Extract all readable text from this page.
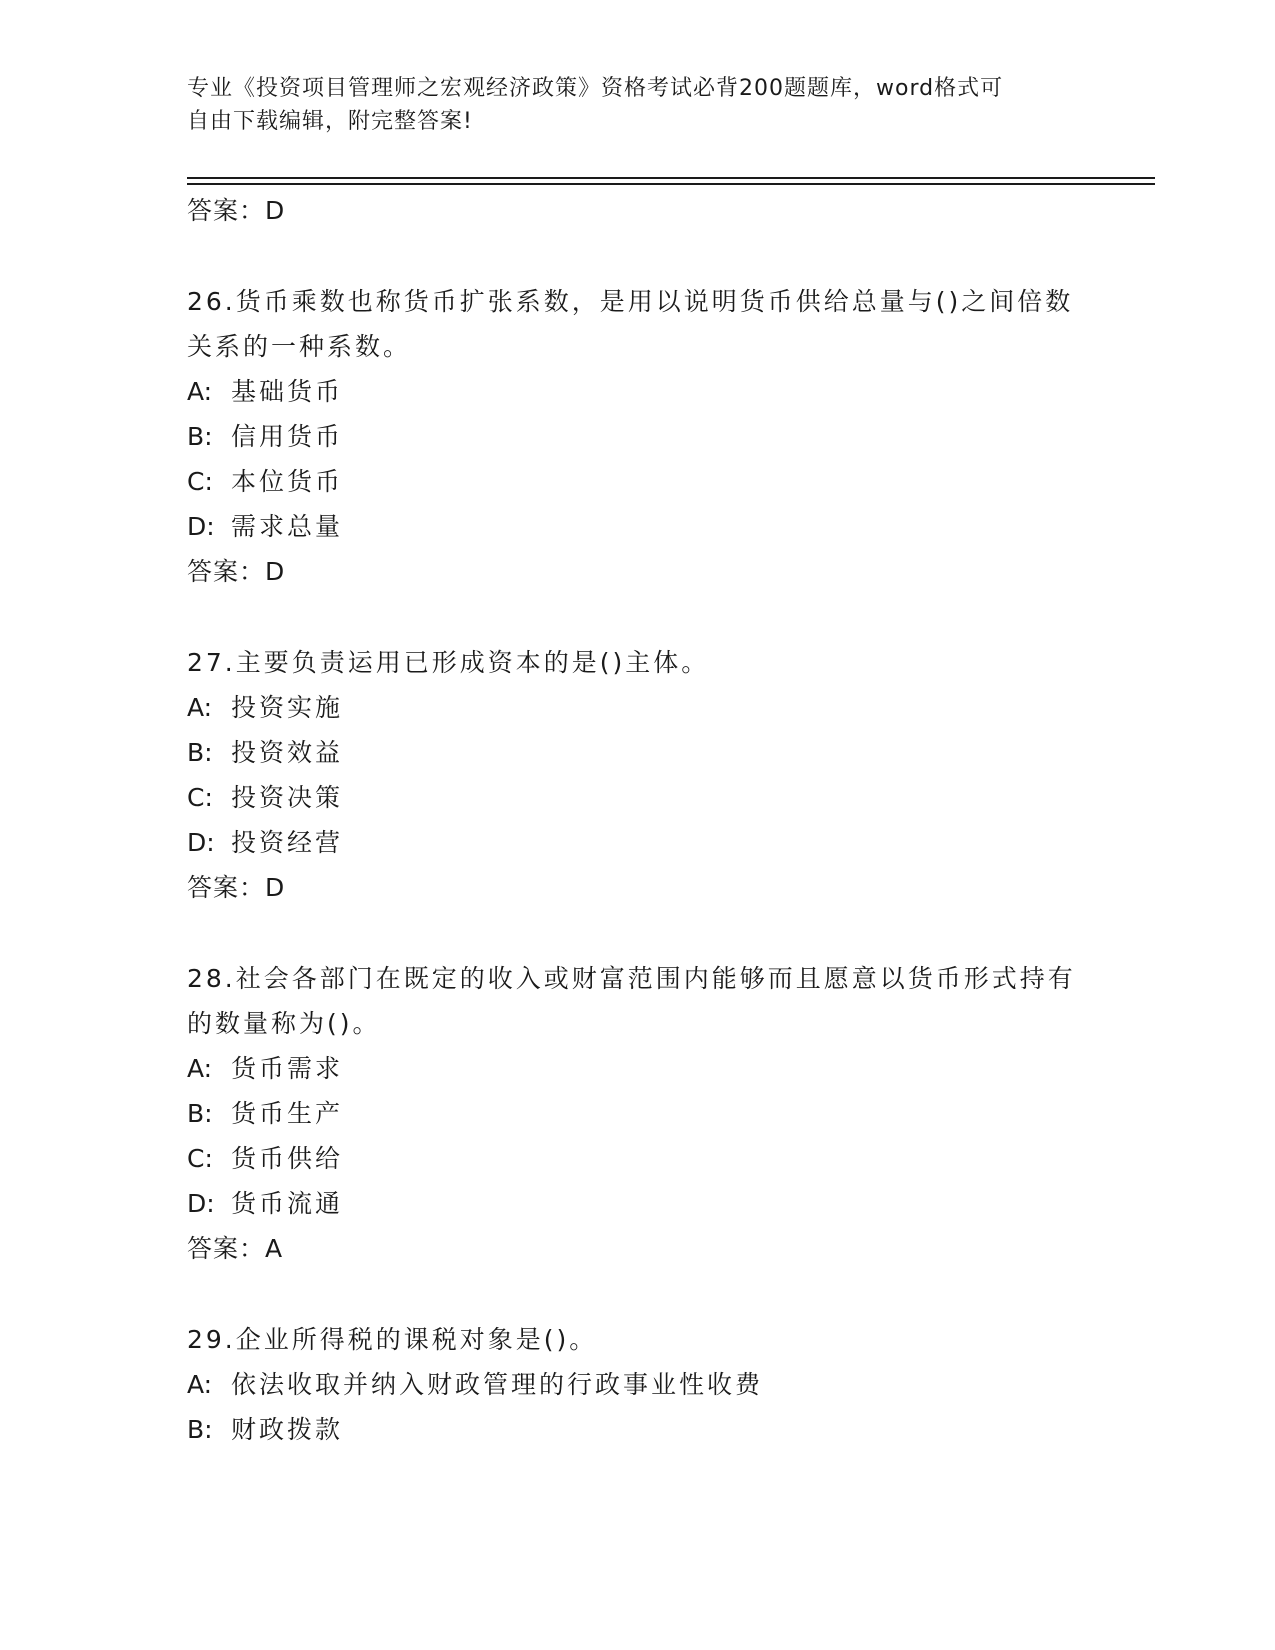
专业《投资项目管理师之宏观经济政策》资格考试必背200题题库，word格式可
自由下载编辑，附完整答案!
答案：D
26.货币乘数也称货币扩张系数，是用以说明货币供给总量与()之间倍数关系的一种系数。
A: 基础货币
B: 信用货币
C: 本位货币
D: 需求总量
答案：D
27.主要负责运用已形成资本的是()主体。
A: 投资实施
B: 投资效益
C: 投资决策
D: 投资经营
答案：D
28.社会各部门在既定的收入或财富范围内能够而且愿意以货币形式持有的数量称为()。
A: 货币需求
B: 货币生产
C: 货币供给
D: 货币流通
答案：A
29.企业所得税的课税对象是()。
A: 依法收取并纳入财政管理的行政事业性收费
B: 财政拨款
